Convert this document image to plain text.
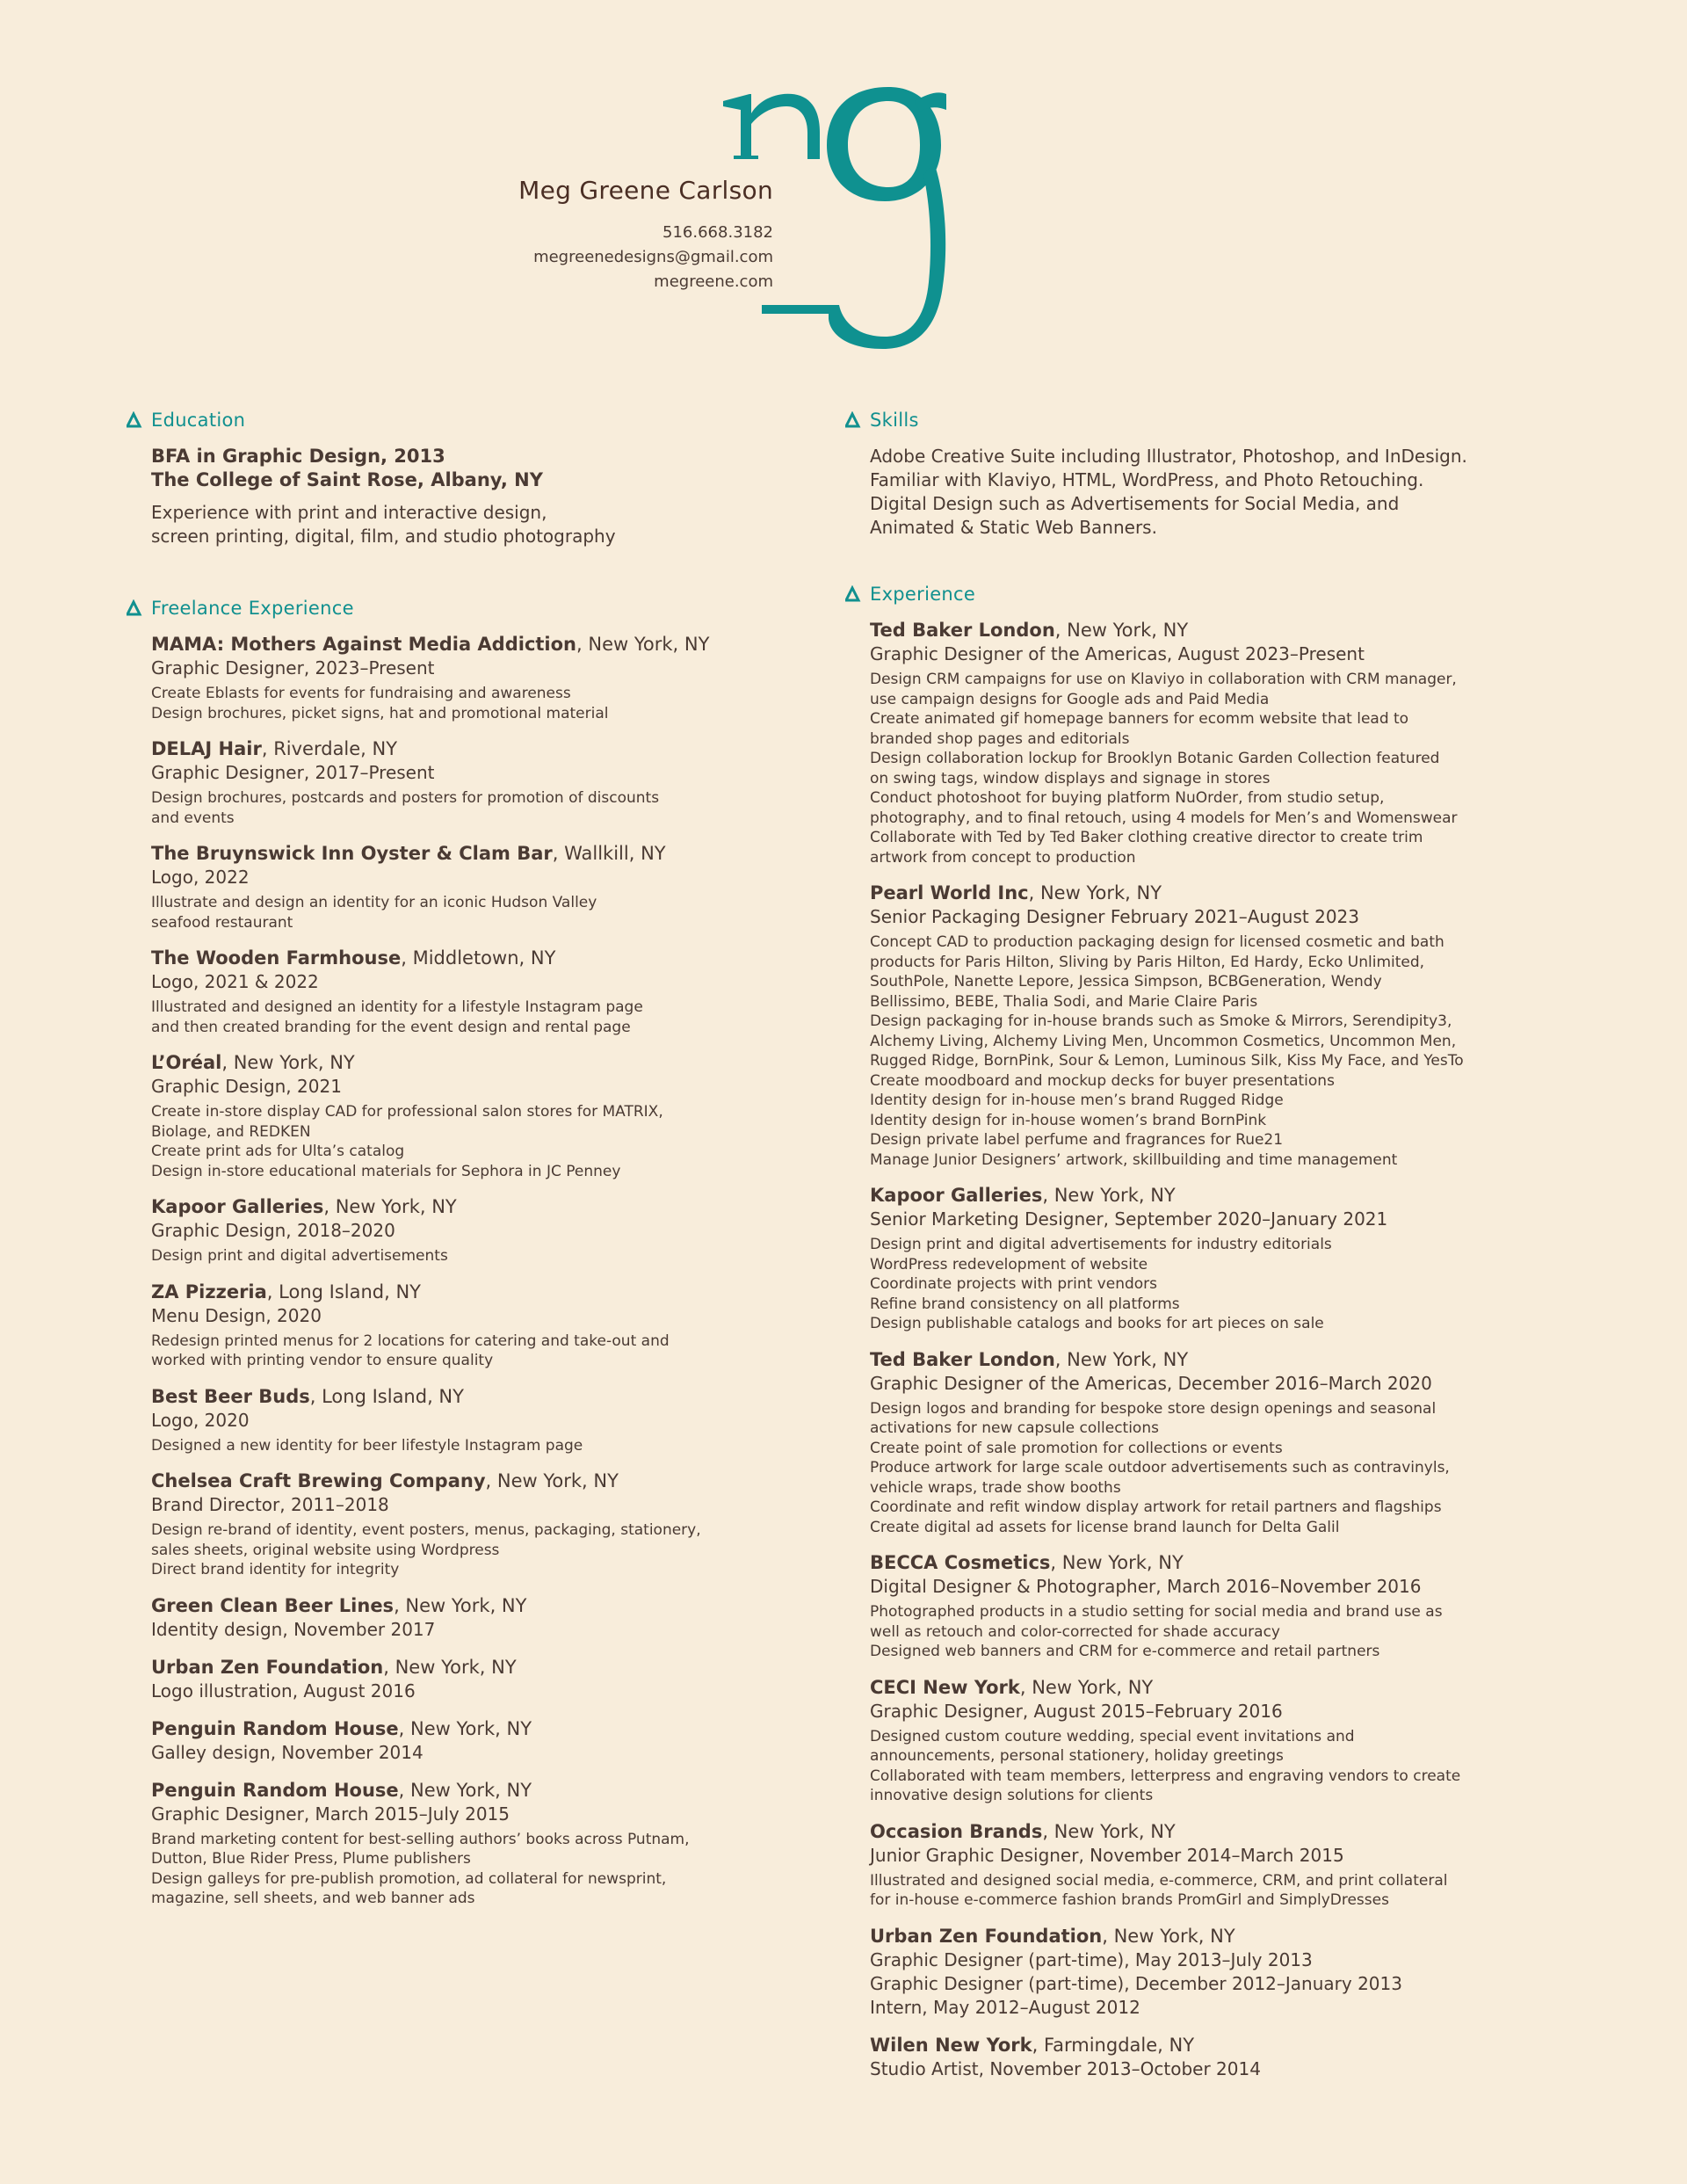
Meg Greene Carlson
516.668.3182
megreenedesigns@gmail.com
megreene.com
Education
BFA in Graphic Design, 2013
The College of Saint Rose, Albany, NY
Experience with print and interactive design,
screen printing, digital, film, and studio photography
Freelance Experience
MAMA: Mothers Against Media Addiction, New York, NY
Graphic Designer, 2023–Present
Create Eblasts for events for fundraising and awareness
Design brochures, picket signs, hat and promotional material
DELAJ Hair, Riverdale, NY
Graphic Designer, 2017–Present
Design brochures, postcards and posters for promotion of discounts
and events
The Bruynswick Inn Oyster & Clam Bar, Wallkill, NY
Logo, 2022
Illustrate and design an identity for an iconic Hudson Valley
seafood restaurant
The Wooden Farmhouse, Middletown, NY
Logo, 2021 & 2022
Illustrated and designed an identity for a lifestyle Instagram page
and then created branding for the event design and rental page
L’Oréal, New York, NY
Graphic Design, 2021
Create in-store display CAD for professional salon stores for MATRIX,
Biolage, and REDKEN
Create print ads for Ulta’s catalog
Design in-store educational materials for Sephora in JC Penney
Kapoor Galleries, New York, NY
Graphic Design, 2018–2020
Design print and digital advertisements
ZA Pizzeria, Long Island, NY
Menu Design, 2020
Redesign printed menus for 2 locations for catering and take-out and
worked with printing vendor to ensure quality
Best Beer Buds, Long Island, NY
Logo, 2020
Designed a new identity for beer lifestyle Instagram page
Chelsea Craft Brewing Company, New York, NY
Brand Director, 2011–2018
Design re-brand of identity, event posters, menus, packaging, stationery,
sales sheets, original website using Wordpress
Direct brand identity for integrity
Green Clean Beer Lines, New York, NY
Identity design, November 2017
Urban Zen Foundation, New York, NY
Logo illustration, August 2016
Penguin Random House, New York, NY
Galley design, November 2014
Penguin Random House, New York, NY
Graphic Designer, March 2015–July 2015
Brand marketing content for best-selling authors’ books across Putnam,
Dutton, Blue Rider Press, Plume publishers
Design galleys for pre-publish promotion, ad collateral for newsprint,
magazine, sell sheets, and web banner ads
Skills
Adobe Creative Suite including Illustrator, Photoshop, and InDesign.
Familiar with Klaviyo, HTML, WordPress, and Photo Retouching.
Digital Design such as Advertisements for Social Media, and
Animated & Static Web Banners.
Experience
Ted Baker London, New York, NY
Graphic Designer of the Americas, August 2023–Present
Design CRM campaigns for use on Klaviyo in collaboration with CRM manager,
use campaign designs for Google ads and Paid Media
Create animated gif homepage banners for ecomm website that lead to
branded shop pages and editorials
Design collaboration lockup for Brooklyn Botanic Garden Collection featured
on swing tags, window displays and signage in stores
Conduct photoshoot for buying platform NuOrder, from studio setup,
photography, and to final retouch, using 4 models for Men’s and Womenswear
Collaborate with Ted by Ted Baker clothing creative director to create trim
artwork from concept to production
Pearl World Inc, New York, NY
Senior Packaging Designer February 2021–August 2023
Concept CAD to production packaging design for licensed cosmetic and bath
products for Paris Hilton, Sliving by Paris Hilton, Ed Hardy, Ecko Unlimited,
SouthPole, Nanette Lepore, Jessica Simpson, BCBGeneration, Wendy
Bellissimo, BEBE, Thalia Sodi, and Marie Claire Paris
Design packaging for in-house brands such as Smoke & Mirrors, Serendipity3,
Alchemy Living, Alchemy Living Men, Uncommon Cosmetics, Uncommon Men,
Rugged Ridge, BornPink, Sour & Lemon, Luminous Silk, Kiss My Face, and YesTo
Create moodboard and mockup decks for buyer presentations
Identity design for in-house men’s brand Rugged Ridge
Identity design for in-house women’s brand BornPink
Design private label perfume and fragrances for Rue21
Manage Junior Designers’ artwork, skillbuilding and time management
Kapoor Galleries, New York, NY
Senior Marketing Designer, September 2020–January 2021
Design print and digital advertisements for industry editorials
WordPress redevelopment of website
Coordinate projects with print vendors
Refine brand consistency on all platforms
Design publishable catalogs and books for art pieces on sale
Ted Baker London, New York, NY
Graphic Designer of the Americas, December 2016–March 2020
Design logos and branding for bespoke store design openings and seasonal
activations for new capsule collections
Create point of sale promotion for collections or events
Produce artwork for large scale outdoor advertisements such as contravinyls,
vehicle wraps, trade show booths
Coordinate and refit window display artwork for retail partners and flagships
Create digital ad assets for license brand launch for Delta Galil
BECCA Cosmetics, New York, NY
Digital Designer & Photographer, March 2016–November 2016
Photographed products in a studio setting for social media and brand use as
well as retouch and color-corrected for shade accuracy
Designed web banners and CRM for e-commerce and retail partners
CECI New York, New York, NY
Graphic Designer, August 2015–February 2016
Designed custom couture wedding, special event invitations and
announcements, personal stationery, holiday greetings
Collaborated with team members, letterpress and engraving vendors to create
innovative design solutions for clients
Occasion Brands, New York, NY
Junior Graphic Designer, November 2014–March 2015
Illustrated and designed social media, e-commerce, CRM, and print collateral
for in-house e-commerce fashion brands PromGirl and SimplyDresses
Urban Zen Foundation, New York, NY
Graphic Designer (part-time), May 2013–July 2013
Graphic Designer (part-time), December 2012–January 2013
Intern, May 2012–August 2012
Wilen New York, Farmingdale, NY
Studio Artist, November 2013–October 2014
